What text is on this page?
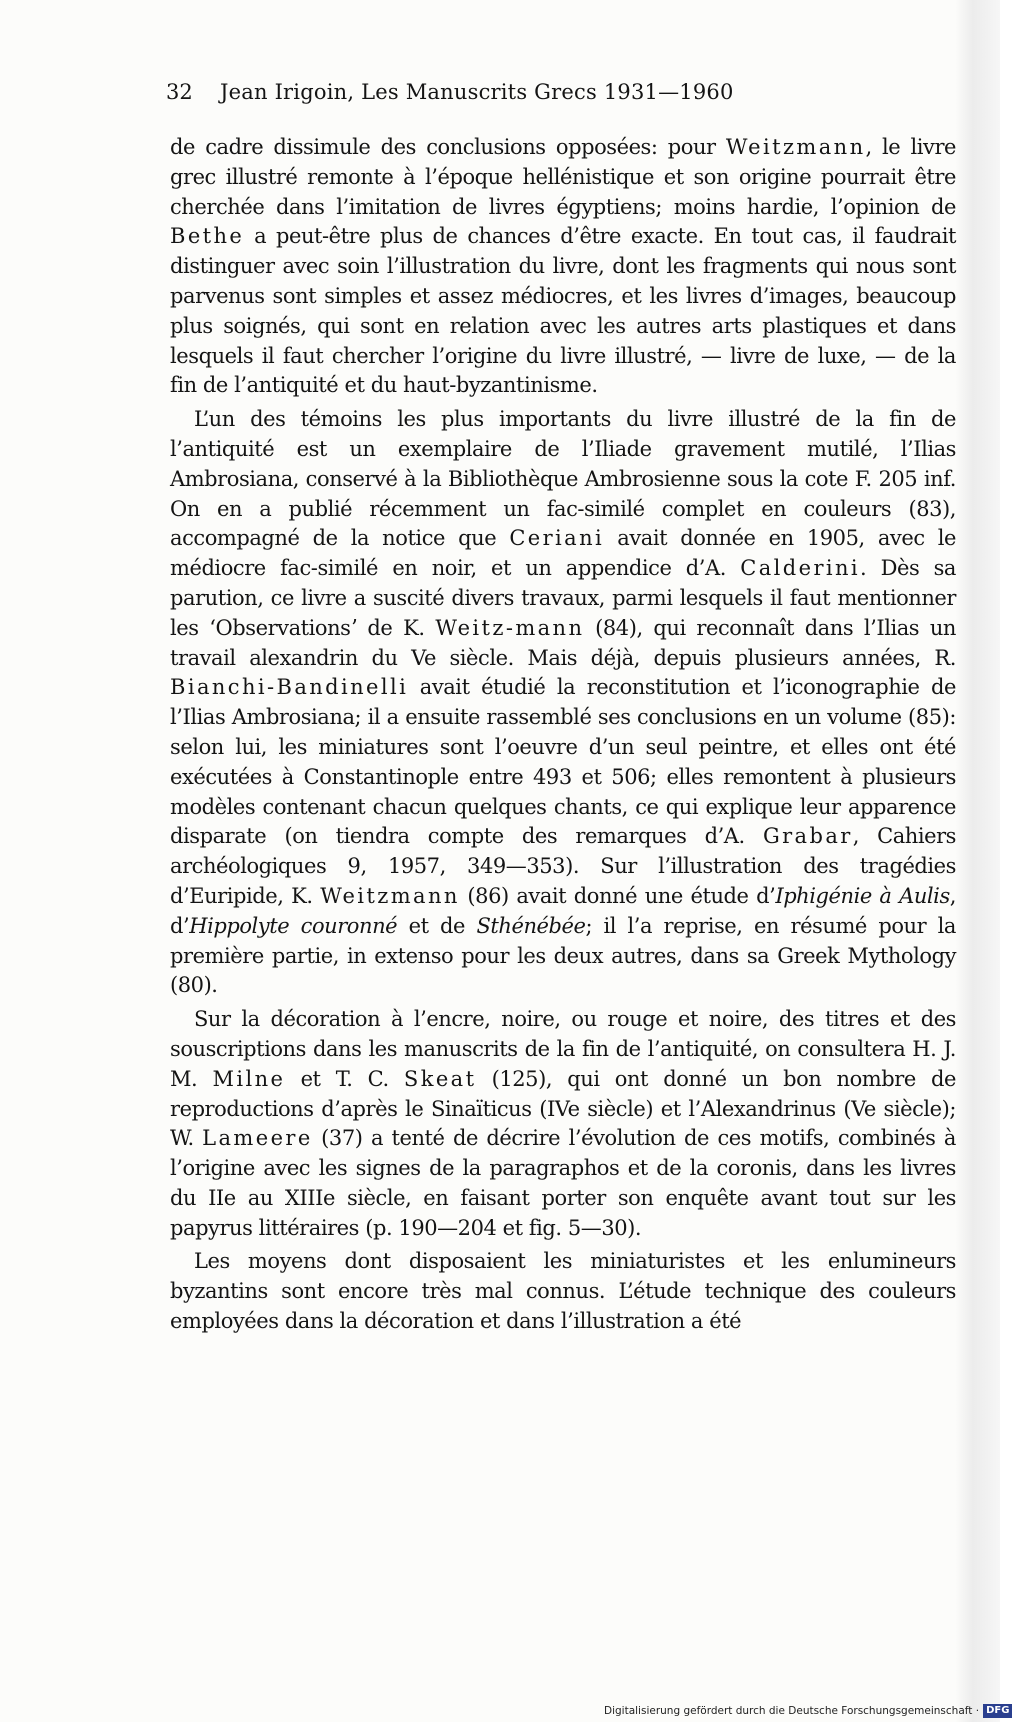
32 Jean Irigoin, Les Manuscrits Grecs 1931—1960

de cadre dissimule des conclusions opposées: pour Weitzmann, le livre grec illustré remonte à l’époque hellénistique et son origine pourrait être cherchée dans l’imitation de livres égyptiens; moins hardie, l’opinion de Bethe a peut-être plus de chances d’être exacte. En tout cas, il faudrait distinguer avec soin l’illustration du livre, dont les fragments qui nous sont parvenus sont simples et assez médiocres, et les livres d’images, beaucoup plus soignés, qui sont en relation avec les autres arts plastiques et dans lesquels il faut chercher l’origine du livre illustré, — livre de luxe, — de la fin de l’antiquité et du haut-byzantinisme.

L’un des témoins les plus importants du livre illustré de la fin de l’antiquité est un exemplaire de l’Iliade gravement mutilé, l’Ilias Ambrosiana, conservé à la Bibliothèque Ambrosienne sous la cote F. 205 inf. On en a publié récemment un fac-similé complet en couleurs (83), accompagné de la notice que Ceriani avait donnée en 1905, avec le médiocre fac-similé en noir, et un appendice d’A. Calderini. Dès sa parution, ce livre a suscité divers travaux, parmi lesquels il faut mentionner les ʻObservationsʼ de K. Weitz-mann (84), qui reconnaît dans l’Ilias un travail alexandrin du Ve siècle. Mais déjà, depuis plusieurs années, R. Bianchi-Bandinelli avait étudié la reconstitution et l’iconographie de l’Ilias Ambrosiana; il a ensuite rassemblé ses conclusions en un volume (85): selon lui, les miniatures sont l’oeuvre d’un seul peintre, et elles ont été exécutées à Constantinople entre 493 et 506; elles remontent à plusieurs modèles contenant chacun quelques chants, ce qui explique leur apparence disparate (on tiendra compte des remarques d’A. Grabar, Cahiers archéologiques 9, 1957, 349—353). Sur l’illustration des tragédies d’Euripide, K. Weitzmann (86) avait donné une étude d’Iphigénie à Aulis, d’Hippolyte couronné et de Sthénébée; il l’a reprise, en résumé pour la première partie, in extenso pour les deux autres, dans sa Greek Mythology (80).

Sur la décoration à l’encre, noire, ou rouge et noire, des titres et des souscriptions dans les manuscrits de la fin de l’antiquité, on consultera H. J. M. Milne et T. C. Skeat (125), qui ont donné un bon nombre de reproductions d’après le Sinaïticus (IVe siècle) et l’Alexandrinus (Ve siècle); W. Lameere (37) a tenté de décrire l’évolution de ces motifs, combinés à l’origine avec les signes de la paragraphos et de la coronis, dans les livres du IIe au XIIIe siècle, en faisant porter son enquête avant tout sur les papyrus littéraires (p. 190—204 et fig. 5—30).

Les moyens dont disposaient les miniaturistes et les enlumineurs byzantins sont encore très mal connus. L’étude technique des couleurs employées dans la décoration et dans l’illustration a été

Digitalisierung gefördert durch die Deutsche Forschungsgemeinschaft · DFG
